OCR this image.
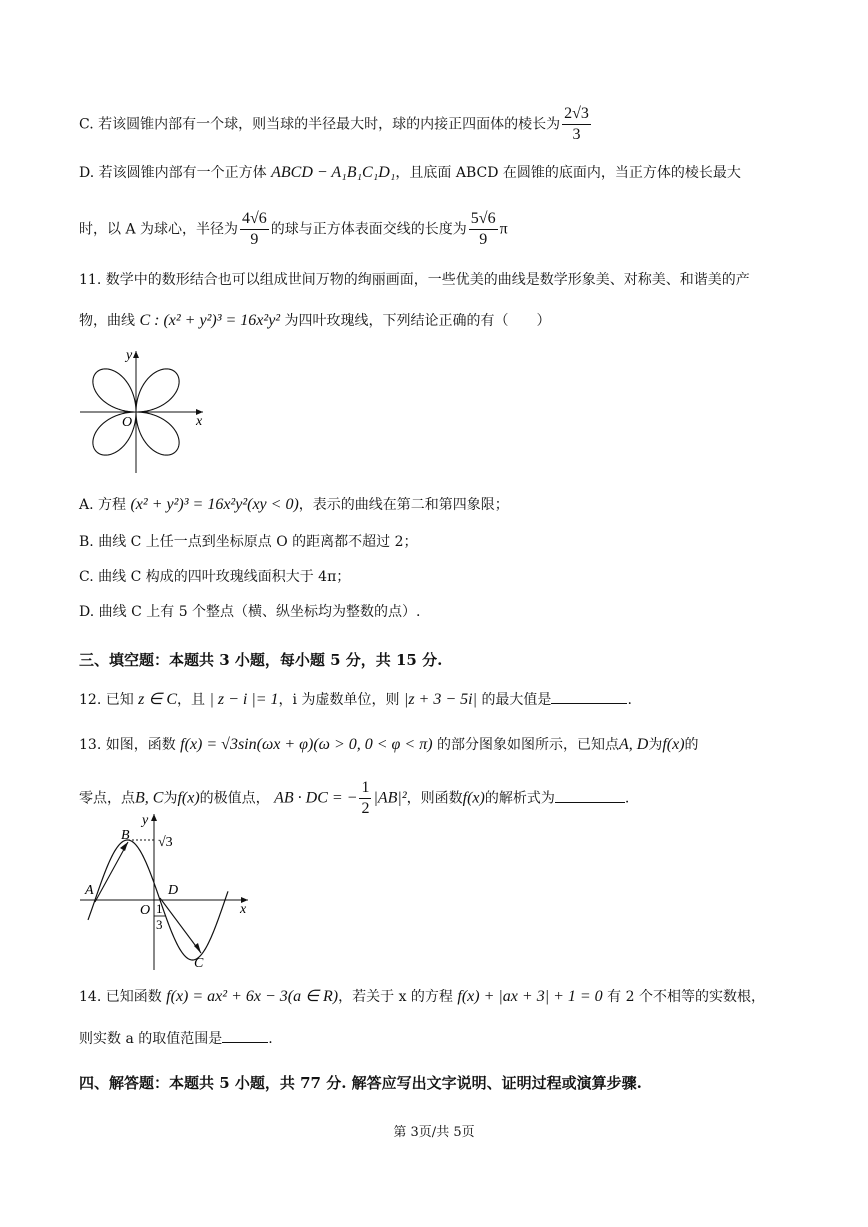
C. 若该圆锥内部有一个球，则当球的半径最大时，球的内接正四面体的棱长为 $\frac{2√3}{3}$
D. 若该圆锥内部有一个正方体 ABCD − A₁B₁C₁D₁，且底面 ABCD 在圆锥的底面内，当正方体的棱长最大
时，以 A 为球心，半径为 $\frac{4√6}{9}$ 的球与正方体表面交线的长度为 $\frac{5√6}{9}$ π
11. 数学中的数形结合也可以组成世间万物的绚丽画面，一些优美的曲线是数学形象美、对称美、和谐美的产
物，曲线 C : (x² + y²)³ = 16x²y² 为四叶玫瑰线，下列结论正确的有（　　）
x
y
O
A. 方程 (x² + y²)³ = 16x²y²(xy < 0)，表示的曲线在第二和第四象限；
B. 曲线 C 上任一点到坐标原点 O 的距离都不超过 2；
C. 曲线 C 构成的四叶玫瑰线面积大于 4π；
D. 曲线 C 上有 5 个整点（横、纵坐标均为整数的点）.
三、填空题：本题共 3 小题，每小题 5 分，共 15 分.
12. 已知 z ∈ C，且 | z − i |= 1，i 为虚数单位，则 |z + 3 − 5i| 的最大值是	.
13. 如图，函数 f(x) = √3sin(ωx + φ)(ω > 0, 0 < φ < π) 的部分图象如图所示，已知点A, D为f(x)的
零点，点B, C为f(x)的极值点， AB · DC = − $\frac{1}{2} |AB|^2$，则函数f(x)的解析式为	.
x
y
√3
A
B
D
C
O 1
3
14. 已知函数 f(x) = ax² + 6x − 3(a ∈ R)，若关于 x 的方程 f(x) + |ax + 3| + 1 = 0 有 2 个不相等的实数根，
则实数 a 的取值范围是	.
四、解答题：本题共 5 小题，共 77 分. 解答应写出文字说明、证明过程或演算步骤.
第 3页/共 5页
